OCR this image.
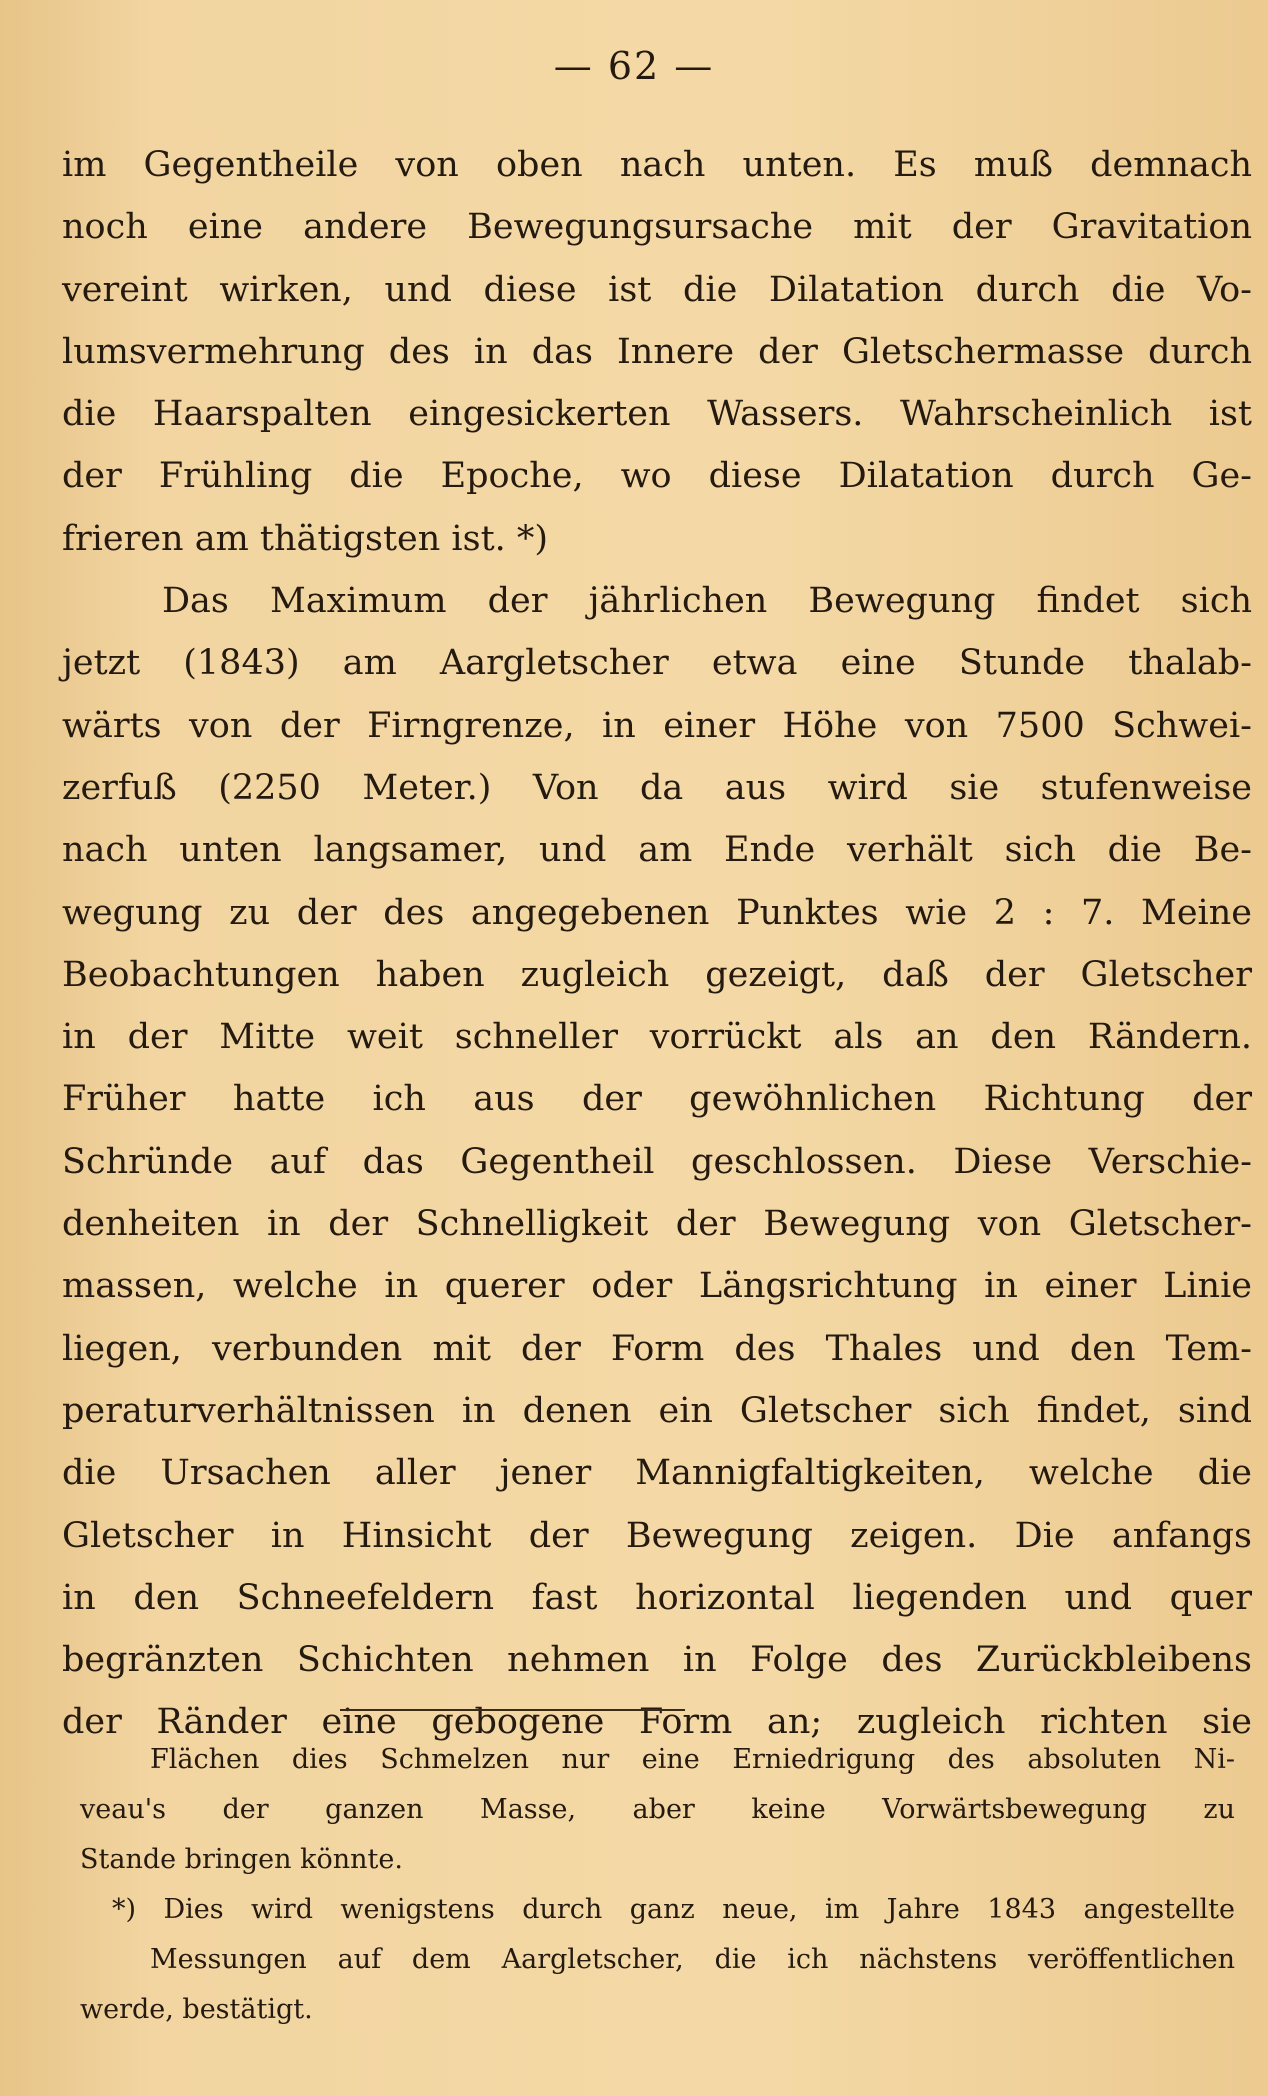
— 62 —
im Gegentheile von oben nach unten. Es muß demnach
noch eine andere Bewegungsursache mit der Gravitation
vereint wirken, und diese ist die Dilatation durch die Vo-
lumsvermehrung des in das Innere der Gletschermasse durch
die Haarspalten eingesickerten Wassers. Wahrscheinlich ist
der Frühling die Epoche, wo diese Dilatation durch Ge-
frieren am thätigsten ist. *)
Das Maximum der jährlichen Bewegung findet sich
jetzt (1843) am Aargletscher etwa eine Stunde thalab-
wärts von der Firngrenze, in einer Höhe von 7500 Schwei-
zerfuß (2250 Meter.) Von da aus wird sie stufenweise
nach unten langsamer, und am Ende verhält sich die Be-
wegung zu der des angegebenen Punktes wie 2 : 7. Meine
Beobachtungen haben zugleich gezeigt, daß der Gletscher
in der Mitte weit schneller vorrückt als an den Rändern.
Früher hatte ich aus der gewöhnlichen Richtung der
Schründe auf das Gegentheil geschlossen. Diese Verschie-
denheiten in der Schnelligkeit der Bewegung von Gletscher-
massen, welche in querer oder Längsrichtung in einer Linie
liegen, verbunden mit der Form des Thales und den Tem-
peraturverhältnissen in denen ein Gletscher sich findet, sind
die Ursachen aller jener Mannigfaltigkeiten, welche die
Gletscher in Hinsicht der Bewegung zeigen. Die anfangs
in den Schneefeldern fast horizontal liegenden und quer
begränzten Schichten nehmen in Folge des Zurückbleibens
der Ränder eine gebogene Form an; zugleich richten sie
Flächen dies Schmelzen nur eine Erniedrigung des absoluten Ni-
veau's der ganzen Masse, aber keine Vorwärtsbewegung zu
Stande bringen könnte.
*) Dies wird wenigstens durch ganz neue, im Jahre 1843 angestellte
Messungen auf dem Aargletscher, die ich nächstens veröffentlichen
werde, bestätigt.
